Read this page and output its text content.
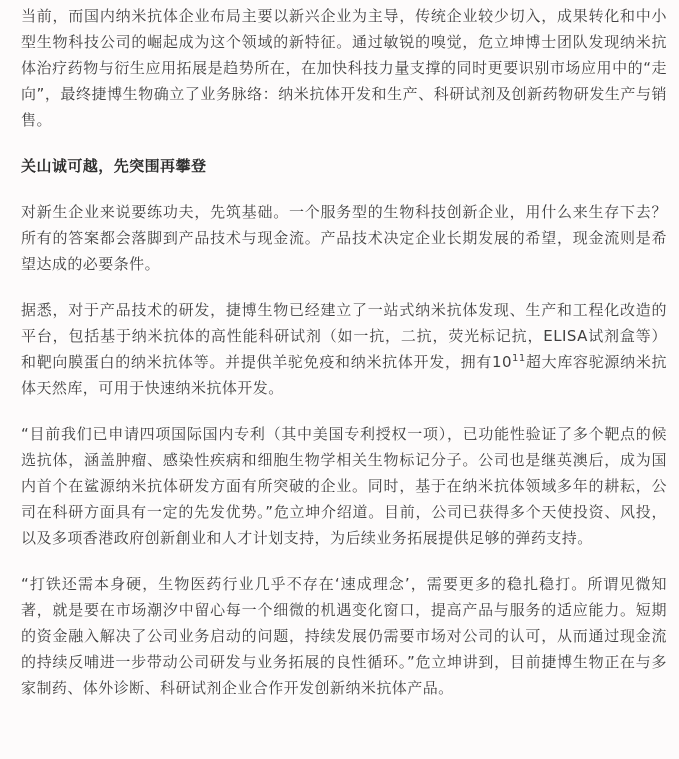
当前，而国内纳米抗体企业布局主要以新兴企业为主导，传统企业较少切入，成果转化和中小型生物科技公司的崛起成为这个领域的新特征。通过敏锐的嗅觉，危立坤博士团队发现纳米抗体治疗药物与衍生应用拓展是趋势所在，在加快科技力量支撑的同时更要识别市场应用中的“走向”，最终捷博生物确立了业务脉络：纳米抗体开发和生产、科研试剂及创新药物研发生产与销售。

关山诚可越，先突围再攀登

对新生企业来说要练功夫，先筑基础。一个服务型的生物科技创新企业，用什么来生存下去？所有的答案都会落脚到产品技术与现金流。产品技术决定企业长期发展的希望，现金流则是希望达成的必要条件。

据悉，对于产品技术的研发，捷博生物已经建立了一站式纳米抗体发现、生产和工程化改造的平台，包括基于纳米抗体的高性能科研试剂（如一抗，二抗，荧光标记抗，ELISA试剂盒等）和靶向膜蛋白的纳米抗体等。并提供羊驼免疫和纳米抗体开发，拥有$10^{11}$超大库容驼源纳米抗体天然库，可用于快速纳米抗体开发。

“目前我们已申请四项国际国内专利（其中美国专利授权一项），已功能性验证了多个靶点的候选抗体，涵盖肿瘤、感染性疾病和细胞生物学相关生物标记分子。公司也是继英澳后，成为国内首个在鲨源纳米抗体研发方面有所突破的企业。同时，基于在纳米抗体领域多年的耕耘，公司在科研方面具有一定的先发优势。”危立坤介绍道。目前，公司已获得多个天使投资、风投，以及多项香港政府创新創业和人才计划支持，为后续业务拓展提供足够的弹药支持。

“打铁还需本身硬，生物医药行业几乎不存在‘速成理念’，需要更多的稳扎稳打。所谓见微知著，就是要在市场潮汐中留心每一个细微的机遇变化窗口，提高产品与服务的适应能力。短期的资金融入解决了公司业务启动的问题，持续发展仍需要市场对公司的认可，从而通过现金流的持续反哺进一步带动公司研发与业务拓展的良性循环。”危立坤讲到，目前捷博生物正在与多家制药、体外诊断、科研试剂企业合作开发创新纳米抗体产品。
